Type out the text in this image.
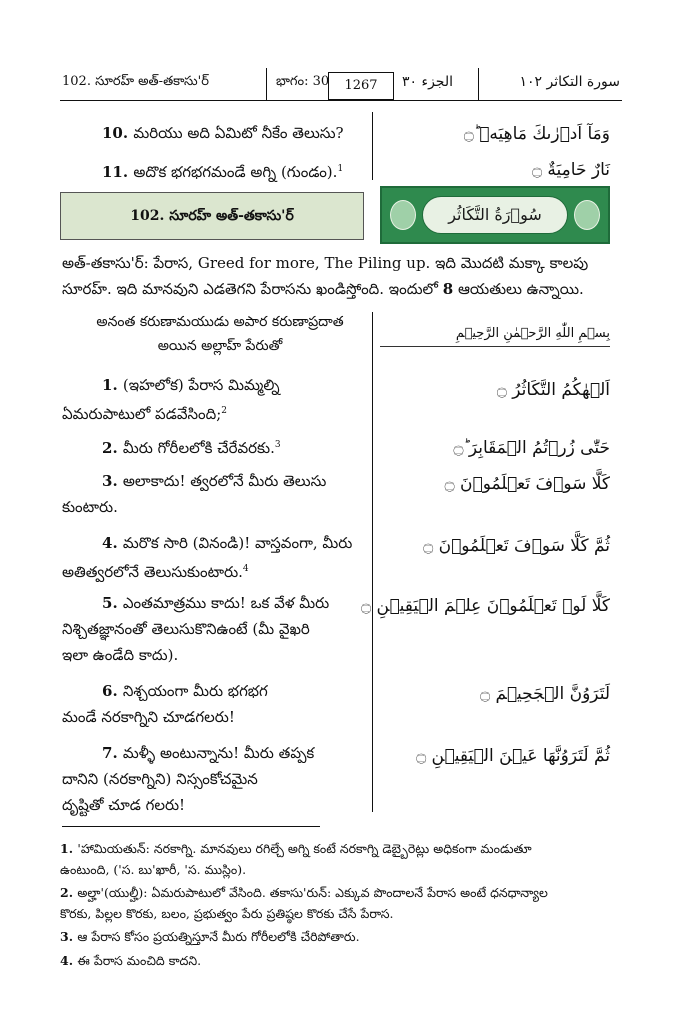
102. సూరహ్ అత్-తకాసు'ర్	భాగం: 30	1267	الجزء ٣٠	سورة التكاثر ١٠٢
10. మరియు అది ఏమిటో నీకేం తెలుసు?	وَمَآ اَدۡرٰىكَ مَاهِيَهۡ ؕ۝
11. అదొక భగభగమండే అగ్ని (గుండం).$^1$	نَارٌ حَامِيَةٌ ۝
102. సూరహ్ అత్-తకాసు'ర్	سُوۡرَةُ التَّكَاثُر
అత్-తకాసు'ర్: పేరాస, Greed for more, The Piling up. ఇది మొదటి మక్కా కాలపు
సూరహ్. ఇది మానవుని ఎడతెగని పేరాసను ఖండిస్తోంది. ఇందులో 8 ఆయతులు ఉన్నాయి.
అనంత కరుణామయుడు అపార కరుణాప్రదాత
అయిన అల్లాహ్ పేరుతో
بِسۡمِ اللّٰهِ الرَّحۡمٰنِ الرَّحِيۡمِ
1. (ఇహలోక) పేరాస మిమ్మల్ని
ఏమరుపాటులో పడవేసింది;$^2$
اَلۡهٰكُمُ التَّكَاثُرُ ۝
2. మీరు గోరీలలోకి చేరేవరకు.$^3$	حَتّٰى زُرۡتُمُ الۡمَقَابِرَ ؕ۝
3. అలాకాదు! త్వరలోనే మీరు తెలుసు
కుంటారు.
كَلَّا سَوۡفَ تَعۡلَمُوۡنَ ۝
4. మరొక సారి (వినండి)! వాస్తవంగా, మీరు
అతిత్వరలోనే తెలుసుకుంటారు.$^4$
ثُمَّ كَلَّا سَوۡفَ تَعۡلَمُوۡنَ ۝
5. ఎంతమాత్రము కాదు! ఒక వేళ మీరు
నిశ్చితజ్ఞానంతో తెలుసుకొనిఉంటే (మీ వైఖరి
ఇలా ఉండేది కాదు).
كَلَّا لَوۡ تَعۡلَمُوۡنَ عِلۡمَ الۡيَقِيۡنِ ۝
6. నిశ్చయంగా మీరు భగభగ
మండే నరకాగ్నిని చూడగలరు!
لَتَرَوُنَّ الۡجَحِيۡمَ ۝
7. మళ్ళీ అంటున్నాను! మీరు తప్పక
దానిని (నరకాగ్నిని) నిస్సంకోచమైన
దృష్టితో చూడ గలరు!
ثُمَّ لَتَرَوُنَّهَا عَيۡنَ الۡيَقِيۡنِ ۝
1. 'హామియతున్: నరకాగ్ని. మానవులు రగిల్చే అగ్ని కంటే నరకాగ్ని డెబ్బైరెట్లు అధికంగా మండుతూ
ఉంటుంది, ('స. బు'ఖారీ, 'స. ముస్లిం).
2. అల్హా'(యుల్హీ): ఏమరుపాటులో వేసింది. తకాసు'రున్: ఎక్కువ పొందాలనే పేరాస అంటే ధనధాన్యాల
కొరకు, పిల్లల కొరకు, బలం, ప్రభుత్వం పేరు ప్రతిష్ఠల కొరకు చేసే పేరాస.
3. ఆ పేరాస కోసం ప్రయత్నిస్తూనే మీరు గోరీలలోకి చేరిపోతారు.
4. ఈ పేరాస మంచిది కాదని.
